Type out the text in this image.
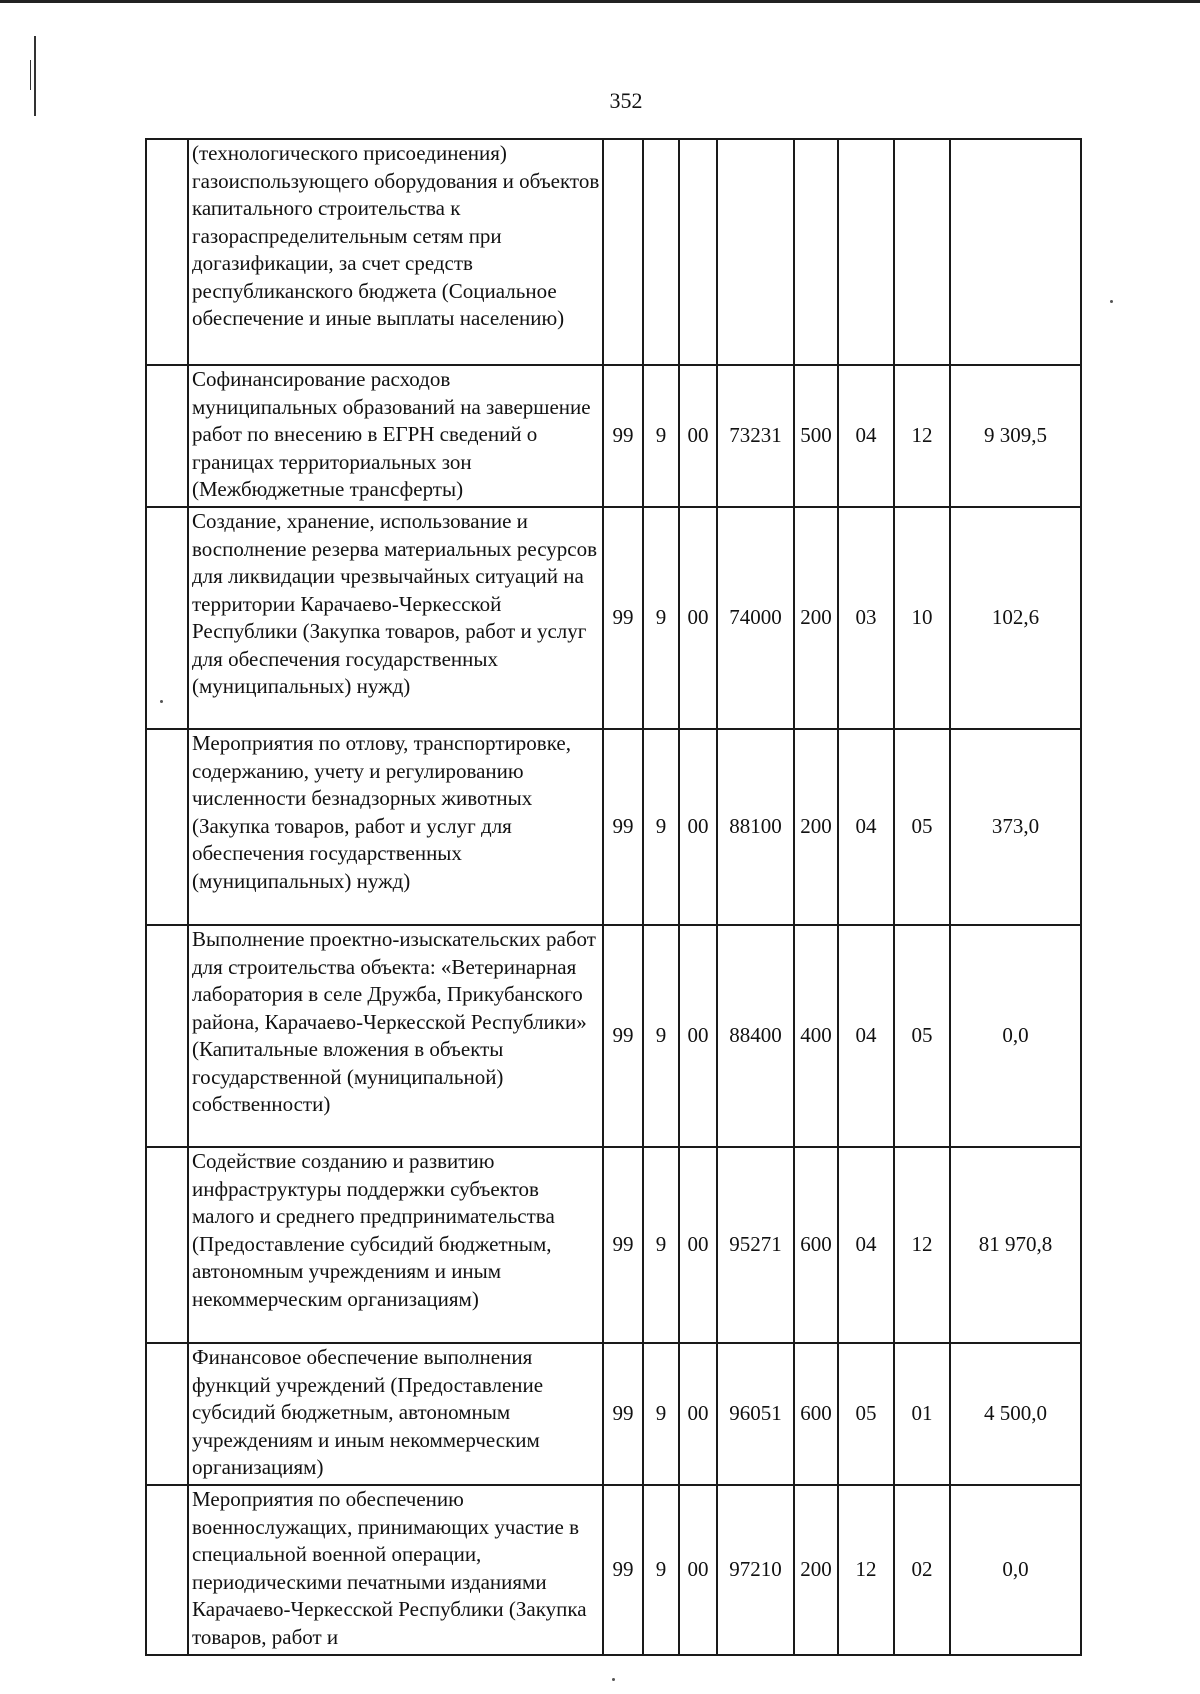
352
	(технологического присоединения) газоиспользующего оборудования и объектов капитального строительства к газораспределительным сетям при догазификации, за счет средств республиканского бюджета (Социальное обеспечение и иные выплаты населению)								
	Софинансирование расходов муниципальных образований на завершение работ по внесению в ЕГРН сведений о границах территориальных зон (Межбюджетные трансферты)	99	9	00	73231	500	04	12	9 309,5
	Создание, хранение, использование и восполнение резерва материальных ресурсов для ликвидации чрезвычайных ситуаций на территории Карачаево-Черкесской Республики (Закупка товаров, работ и услуг для обеспечения государственных (муниципальных) нужд)	99	9	00	74000	200	03	10	102,6
	Мероприятия по отлову, транспортировке, содержанию, учету и регулированию численности безнадзорных животных (Закупка товаров, работ и услуг для обеспечения государственных (муниципальных) нужд)	99	9	00	88100	200	04	05	373,0
	Выполнение проектно-изыскательских работ для строительства объекта: «Ветеринарная лаборатория в селе Дружба, Прикубанского района, Карачаево-Черкесской Республики» (Капитальные вложения в объекты государственной (муниципальной) собственности)	99	9	00	88400	400	04	05	0,0
	Содействие созданию и развитию инфраструктуры поддержки субъектов малого и среднего предпринимательства (Предоставление субсидий бюджетным, автономным учреждениям и иным некоммерческим организациям)	99	9	00	95271	600	04	12	81 970,8
	Финансовое обеспечение выполнения функций учреждений (Предоставление субсидий бюджетным, автономным учреждениям и иным некоммерческим организациям)	99	9	00	96051	600	05	01	4 500,0
	Мероприятия по обеспечению военнослужащих, принимающих участие в специальной военной операции, периодическими печатными изданиями Карачаево-Черкесской Республики (Закупка товаров, работ и	99	9	00	97210	200	12	02	0,0
